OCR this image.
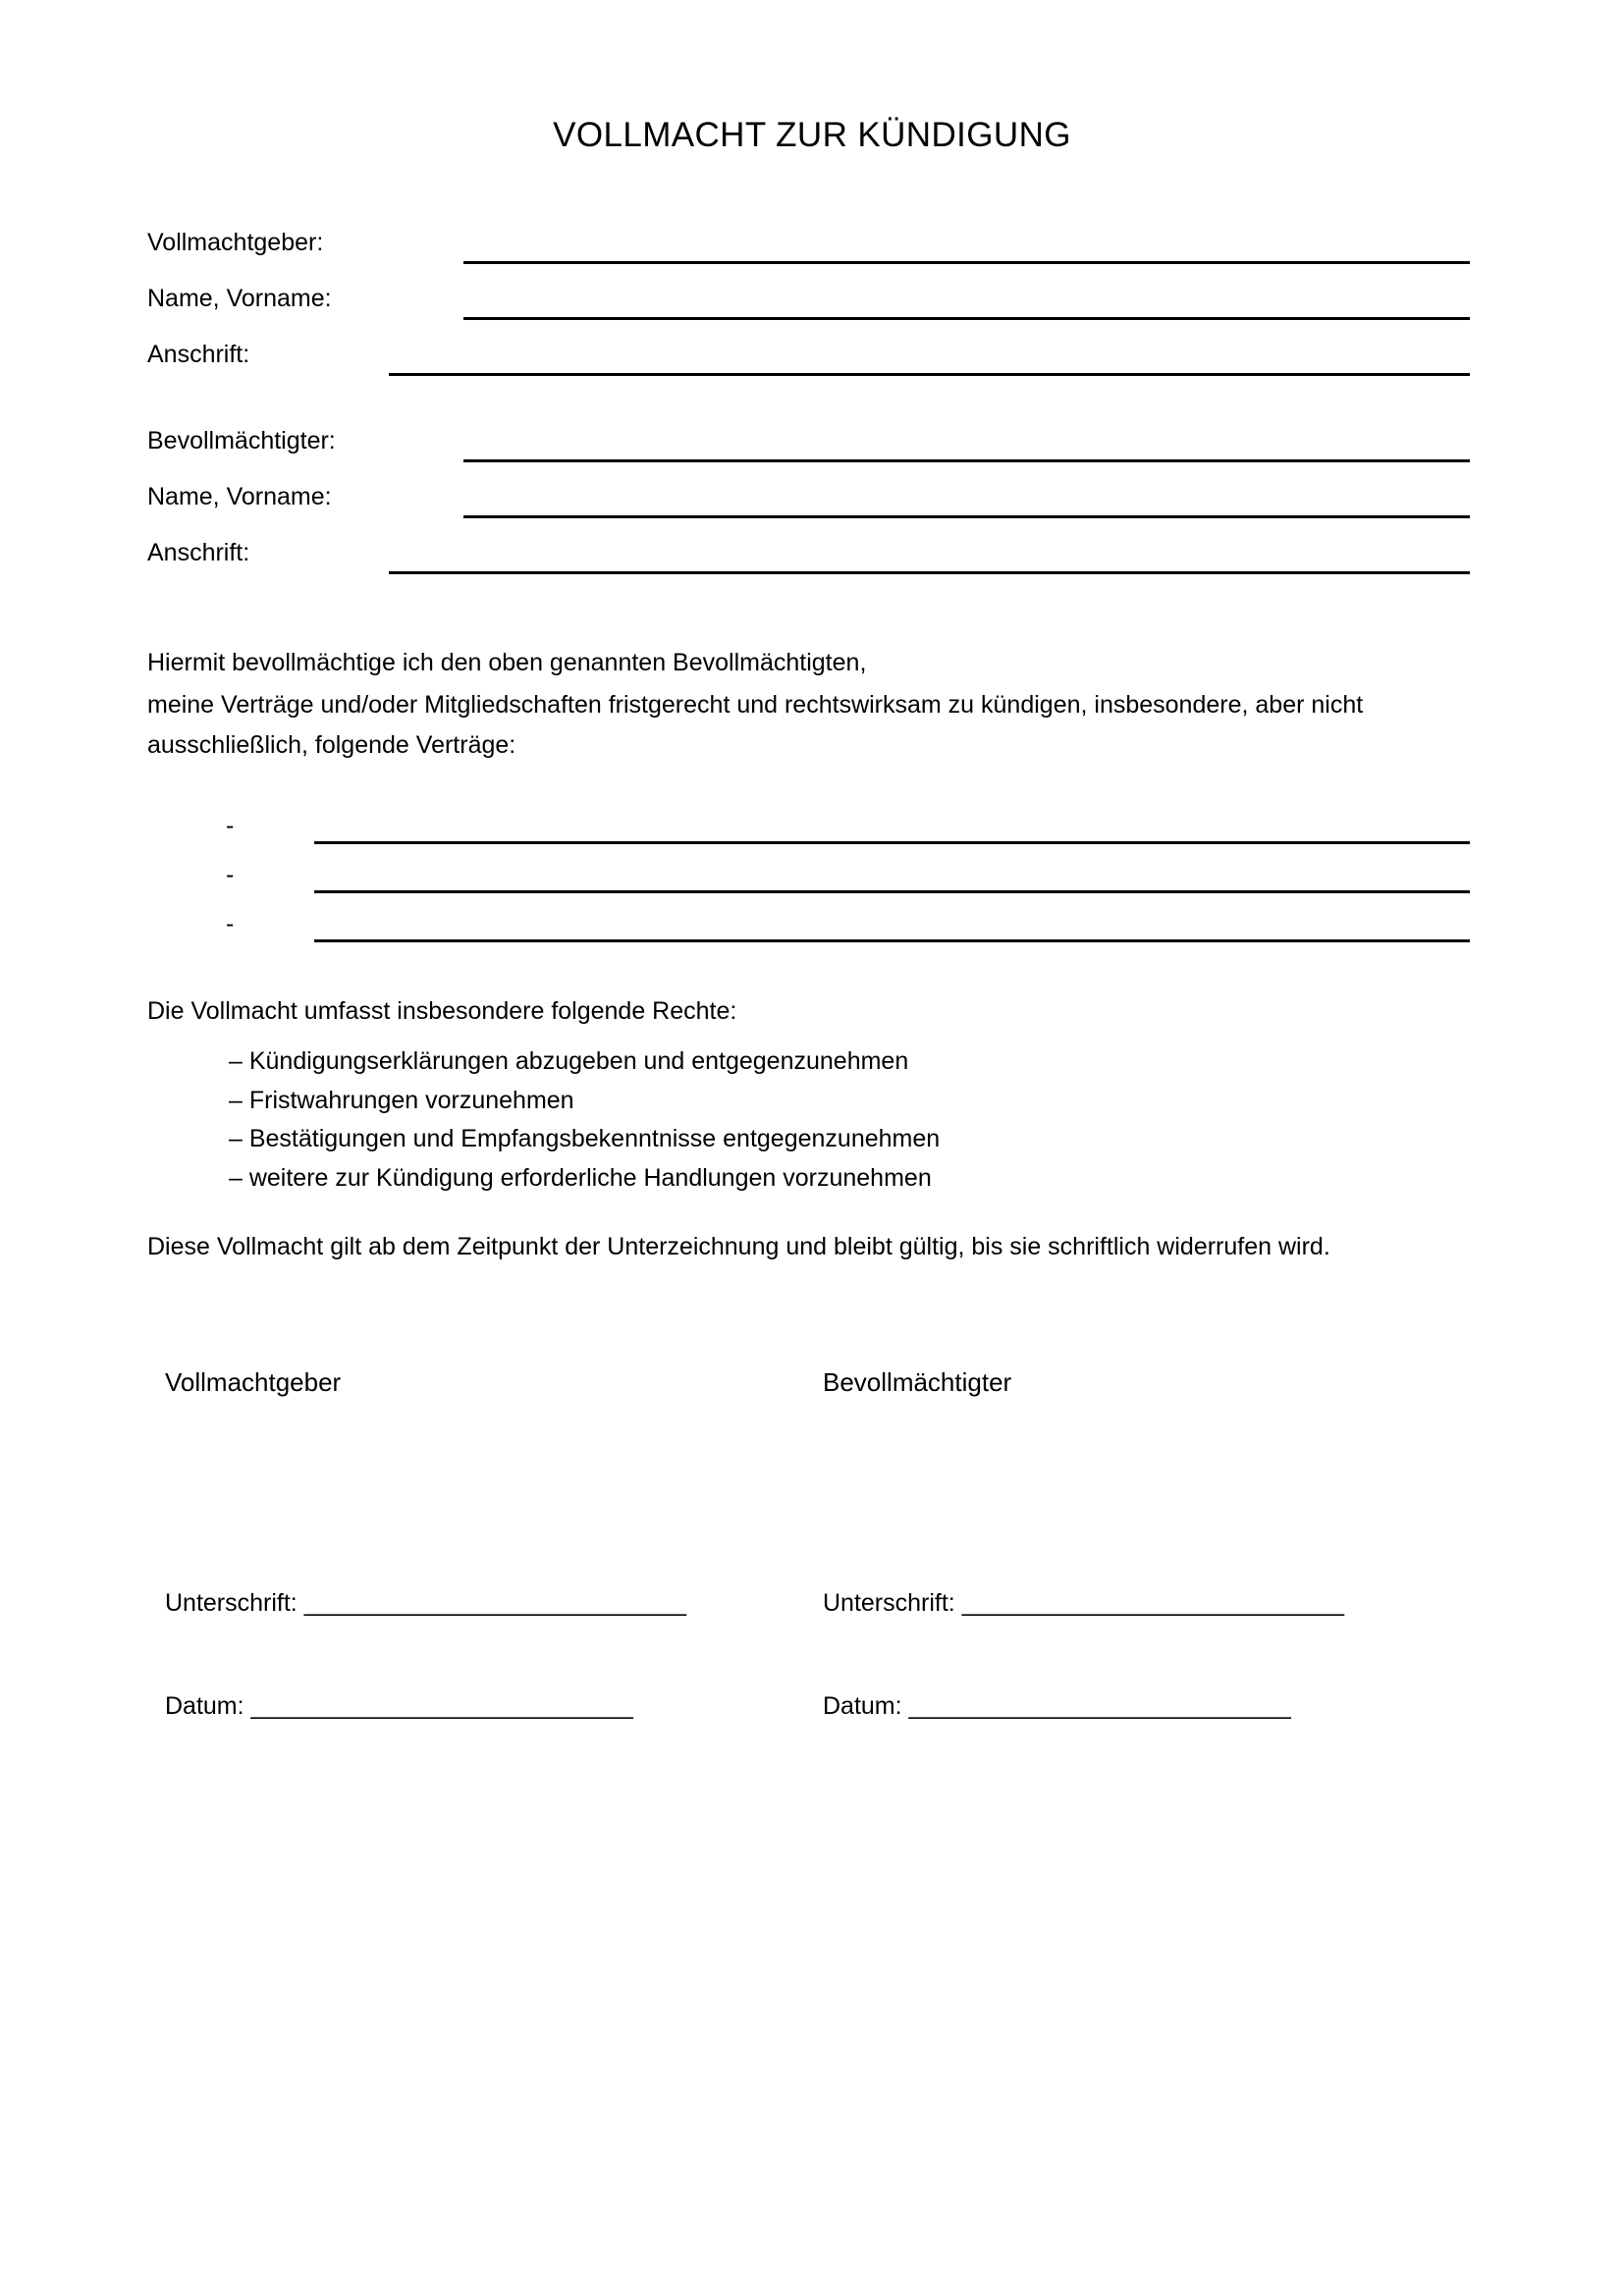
VOLLMACHT ZUR KÜNDIGUNG
Vollmachtgeber:
Name, Vorname:
Anschrift:
Bevollmächtigter:
Name, Vorname:
Anschrift:
Hiermit bevollmächtige ich den oben genannten Bevollmächtigten,
meine Verträge und/oder Mitgliedschaften fristgerecht und rechtswirksam zu kündigen, insbesondere, aber nicht ausschließlich, folgende Verträge:
-
-
-
Die Vollmacht umfasst insbesondere folgende Rechte:
– Kündigungserklärungen abzugeben und entgegenzunehmen
– Fristwahrungen vorzunehmen
– Bestätigungen und Empfangsbekenntnisse entgegenzunehmen
– weitere zur Kündigung erforderliche Handlungen vorzunehmen
Diese Vollmacht gilt ab dem Zeitpunkt der Unterzeichnung und bleibt gültig, bis sie schriftlich widerrufen wird.
Vollmachtgeber	Bevollmächtigter
Unterschrift: ____________________________	Unterschrift: ____________________________
Datum: ____________________________	Datum: ____________________________
